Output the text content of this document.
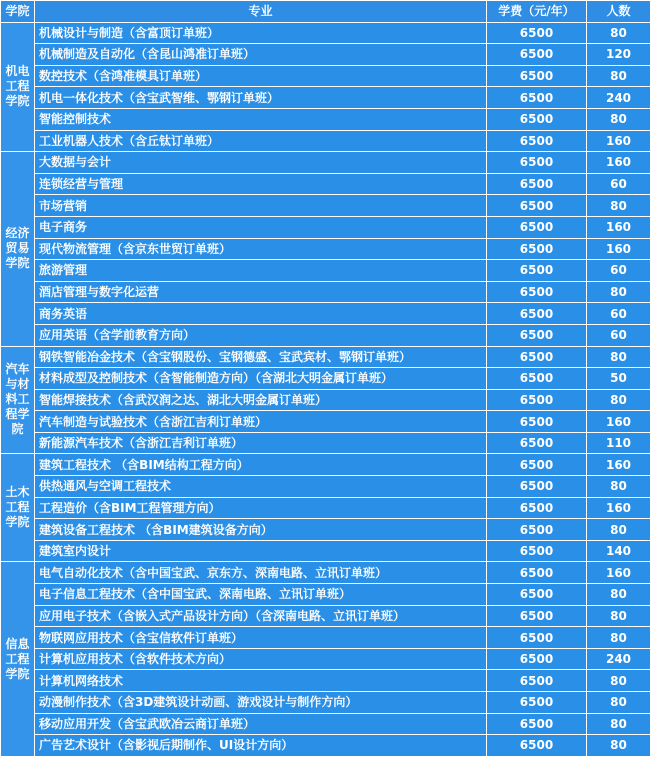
学院	专业	学费（元/年）	人数
机电工程学院	机械设计与制造（含富顶订单班）	6500	80
	机械制造及自动化（含昆山鸿准订单班）	6500	120
	数控技术（含鸿准模具订单班）	6500	80
	机电一体化技术（含宝武智维、鄂钢订单班）	6500	240
	智能控制技术	6500	80
	工业机器人技术（含丘钛订单班）	6500	160
经济贸易学院	大数据与会计	6500	160
	连锁经营与管理	6500	60
	市场营销	6500	80
	电子商务	6500	160
	现代物流管理（含京东世贸订单班）	6500	160
	旅游管理	6500	60
	酒店管理与数字化运营	6500	80
	商务英语	6500	60
	应用英语（含学前教育方向）	6500	60
汽车与材料工程学院	钢铁智能冶金技术（含宝钢股份、宝钢德盛、宝武宾材、鄂钢订单班）	6500	80
	材料成型及控制技术（含智能制造方向）（含湖北大明金属订单班）	6500	50
	智能焊接技术（含武汉润之达、湖北大明金属订单班）	6500	80
	汽车制造与试验技术（含浙江吉利订单班）	6500	160
	新能源汽车技术（含浙江吉利订单班）	6500	110
土木工程学院	建筑工程技术 （含BIM结构工程方向）	6500	160
	供热通风与空调工程技术	6500	80
	工程造价（含BIM工程管理方向）	6500	160
	建筑设备工程技术 （含BIM建筑设备方向）	6500	80
	建筑室内设计	6500	140
信息工程学院	电气自动化技术（含中国宝武、京东方、深南电路、立讯订单班）	6500	160
	电子信息工程技术（含中国宝武、深南电路、立讯订单班）	6500	80
	应用电子技术（含嵌入式产品设计方向）（含深南电路、立讯订单班）	6500	80
	物联网应用技术（含宝信软件订单班）	6500	80
	计算机应用技术（含软件技术方向）	6500	240
	计算机网络技术	6500	80
	动漫制作技术（含3D建筑设计动画、游戏设计与制作方向）	6500	80
	移动应用开发（含宝武欧冶云商订单班）	6500	80
	广告艺术设计（含影视后期制作、UI设计方向）	6500	80
